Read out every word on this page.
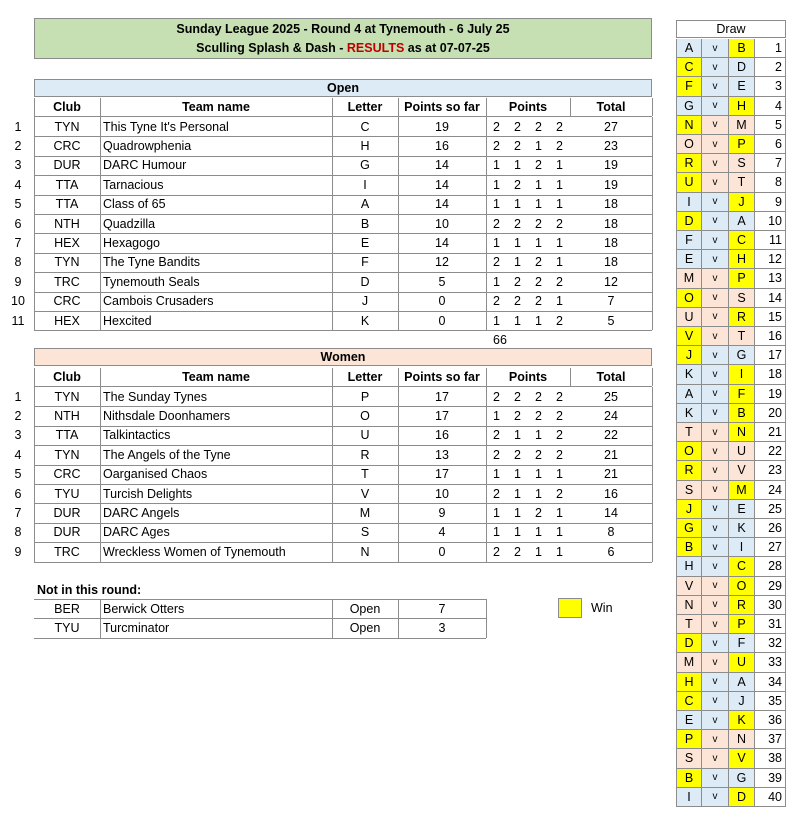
Sunday League 2025 - Round 4 at Tynemouth - 6 July 25
Sculling Splash & Dash - RESULTS as at 07-07-25
Open
Club	Team name	Letter	Points so far	Total
Points
1	TYN	This Tyne It's Personal	C	19	2	2	2	2	27
2	CRC	Quadrowphenia	H	16	2	2	1	2	23
3	DUR	DARC Humour	G	14	1	1	2	1	19
4	TTA	Tarnacious	I	14	1	2	1	1	19
5	TTA	Class of 65	A	14	1	1	1	1	18
6	NTH	Quadzilla	B	10	2	2	2	2	18
7	HEX	Hexagogo	E	14	1	1	1	1	18
8	TYN	The Tyne Bandits	F	12	2	1	2	1	18
9	TRC	Tynemouth Seals	D	5	1	2	2	2	12
10	CRC	Cambois Crusaders	J	0	2	2	2	1	7
11	HEX	Hexcited	K	0	1	1	1	2	5
66
Women
Club	Team name	Letter	Points so far	Total
Points
1	TYN	The Sunday Tynes	P	17	2	2	2	2	25
2	NTH	Nithsdale Doonhamers	O	17	1	2	2	2	24
3	TTA	Talkintactics	U	16	2	1	1	2	22
4	TYN	The Angels of the Tyne	R	13	2	2	2	2	21
5	CRC	Oarganised Chaos	T	17	1	1	1	1	21
6	TYU	Turcish Delights	V	10	2	1	1	2	16
7	DUR	DARC Angels	M	9	1	1	2	1	14
8	DUR	DARC Ages	S	4	1	1	1	1	8
9	TRC	Wreckless Women of Tynemouth	N	0	2	2	1	1	6
Not in this round:
BER	Berwick Otters	Open	7
TYU	Turcminator	Open	3
Win
Draw
A	v	B	1
C	v	D	2
F	v	E	3
G	v	H	4
N	v	M	5
O	v	P	6
R	v	S	7
U	v	T	8
I	v	J	9
D	v	A	10
F	v	C	11
E	v	H	12
M	v	P	13
O	v	S	14
U	v	R	15
V	v	T	16
J	v	G	17
K	v	I	18
A	v	F	19
K	v	B	20
T	v	N	21
O	v	U	22
R	v	V	23
S	v	M	24
J	v	E	25
G	v	K	26
B	v	I	27
H	v	C	28
V	v	O	29
N	v	R	30
T	v	P	31
D	v	F	32
M	v	U	33
H	v	A	34
C	v	J	35
E	v	K	36
P	v	N	37
S	v	V	38
B	v	G	39
I	v	D	40
